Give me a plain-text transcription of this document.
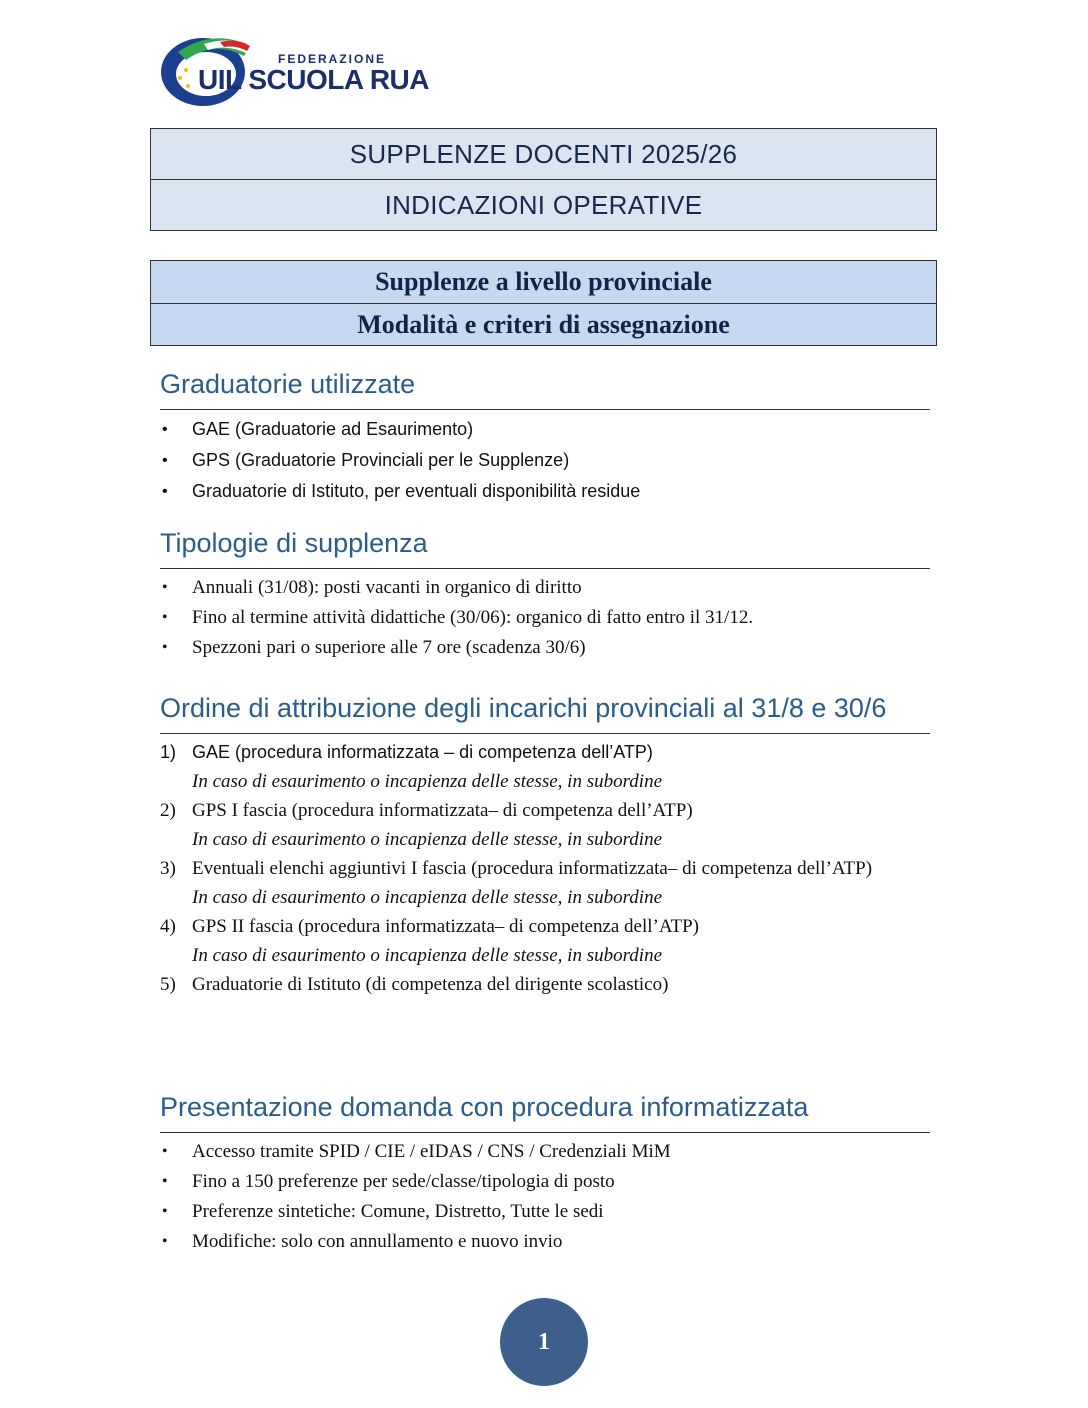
FEDERAZIONE
UIL SCUOLA RUA
SUPPLENZE DOCENTI 2025/26
INDICAZIONI OPERATIVE
Supplenze a livello provinciale
Modalità e criteri di assegnazione
Graduatorie utilizzate
• GAE (Graduatorie ad Esaurimento)
• GPS (Graduatorie Provinciali per le Supplenze)
• Graduatorie di Istituto, per eventuali disponibilità residue
Tipologie di supplenza
• Annuali (31/08): posti vacanti in organico di diritto
• Fino al termine attività didattiche (30/06): organico di fatto entro il 31/12.
• Spezzoni pari o superiore alle 7 ore (scadenza 30/6)
Ordine di attribuzione degli incarichi provinciali al 31/8 e 30/6
1) GAE (procedura informatizzata – di competenza dell’ATP)
In caso di esaurimento o incapienza delle stesse, in subordine
2) GPS I fascia (procedura informatizzata– di competenza dell’ATP)
In caso di esaurimento o incapienza delle stesse, in subordine
3) Eventuali elenchi aggiuntivi I fascia (procedura informatizzata– di competenza dell’ATP)
In caso di esaurimento o incapienza delle stesse, in subordine
4) GPS II fascia (procedura informatizzata– di competenza dell’ATP)
In caso di esaurimento o incapienza delle stesse, in subordine
5) Graduatorie di Istituto (di competenza del dirigente scolastico)
Presentazione domanda con procedura informatizzata
• Accesso tramite SPID / CIE / eIDAS / CNS / Credenziali MiM
• Fino a 150 preferenze per sede/classe/tipologia di posto
• Preferenze sintetiche: Comune, Distretto, Tutte le sedi
• Modifiche: solo con annullamento e nuovo invio
1
